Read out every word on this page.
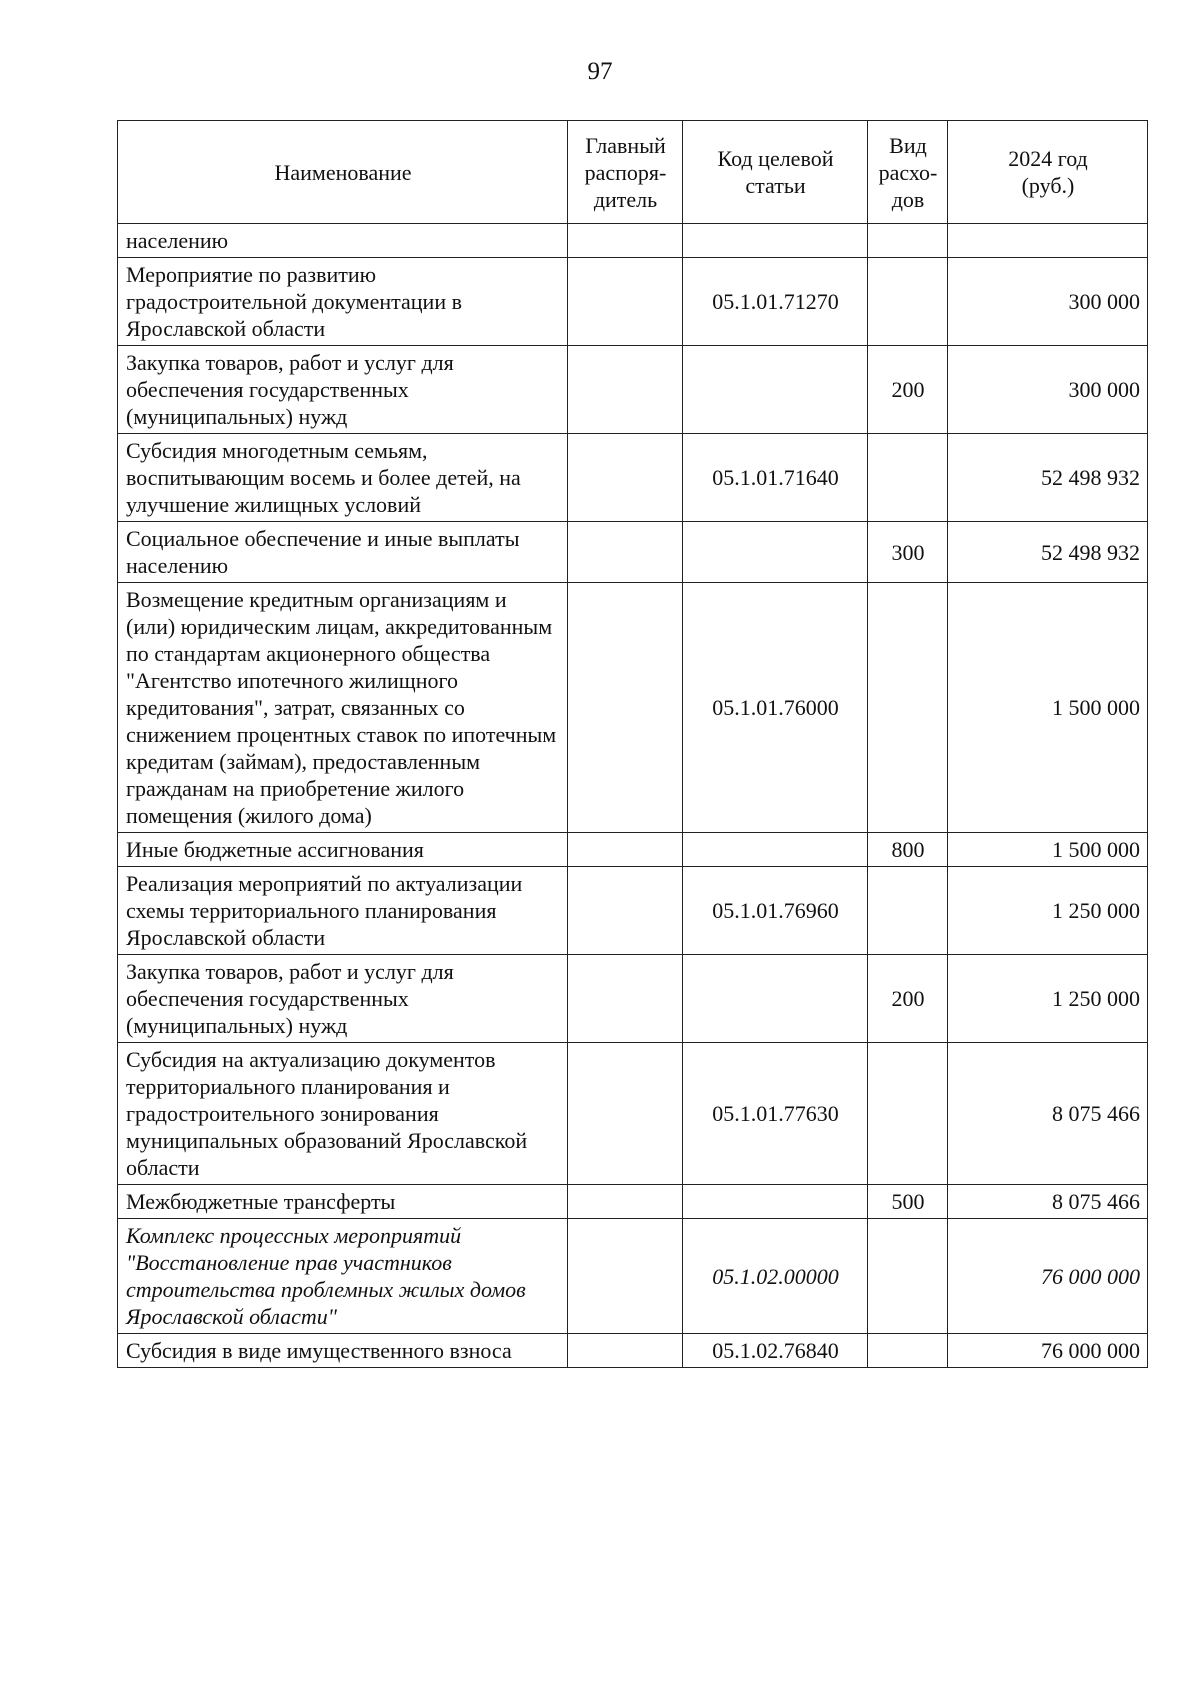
97
Наименование	Главный распоря-дитель	Код целевой статьи	Вид расхо-дов	2024 год (руб.)
населению				
Мероприятие по развитию градостроительной документации в Ярославской области		05.1.01.71270		300 000
Закупка товаров, работ и услуг для обеспечения государственных (муниципальных) нужд			200	300 000
Субсидия многодетным семьям, воспитывающим восемь и более детей, на улучшение жилищных условий		05.1.01.71640		52 498 932
Социальное обеспечение и иные выплаты населению			300	52 498 932
Возмещение кредитным организациям и (или) юридическим лицам, аккредитованным по стандартам акционерного общества "Агентство ипотечного жилищного кредитования", затрат, связанных со снижением процентных ставок по ипотечным кредитам (займам), предоставленным гражданам на приобретение жилого помещения (жилого дома)		05.1.01.76000		1 500 000
Иные бюджетные ассигнования			800	1 500 000
Реализация мероприятий по актуализации схемы территориального планирования Ярославской области		05.1.01.76960		1 250 000
Закупка товаров, работ и услуг для обеспечения государственных (муниципальных) нужд			200	1 250 000
Субсидия на актуализацию документов территориального планирования и градостроительного зонирования муниципальных образований Ярославской области		05.1.01.77630		8 075 466
Межбюджетные трансферты			500	8 075 466
Комплекс процессных мероприятий "Восстановление прав участников строительства проблемных жилых домов Ярославской области"		05.1.02.00000		76 000 000
Субсидия в виде имущественного взноса		05.1.02.76840		76 000 000
